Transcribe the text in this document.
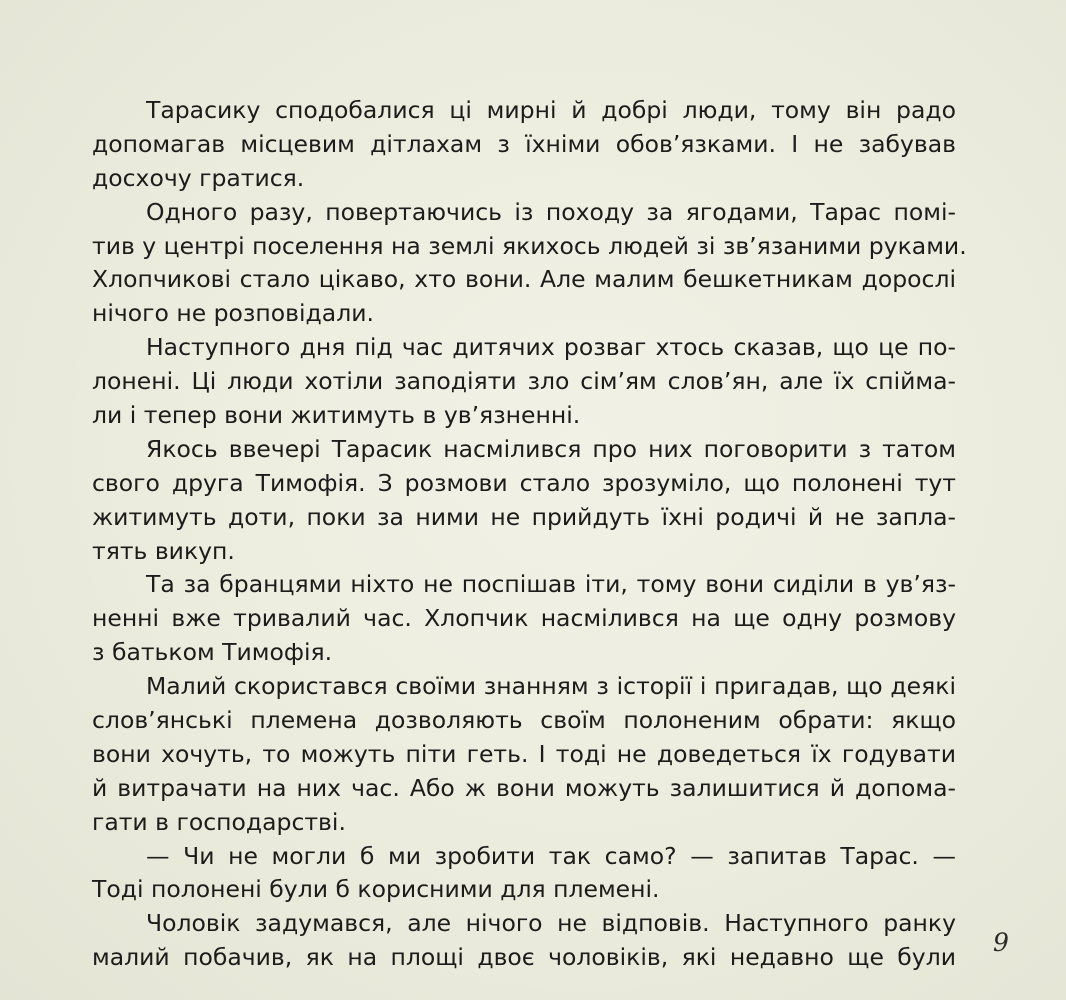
Тарасику сподобалися ці мирні й добрі люди, тому він радо
допомагав місцевим дітлахам з їхніми обов’язками. І не забував
досхочу гратися.
Одного разу, повертаючись із походу за ягодами, Тарас помі-
тив у центрі поселення на землі якихось людей зі зв’язаними руками.
Хлопчикові стало цікаво, хто вони. Але малим бешкетникам дорослі
нічого не розповідали.
Наступного дня під час дитячих розваг хтось сказав, що це по-
лонені. Ці люди хотіли заподіяти зло сім’ям слов’ян, але їх спійма-
ли і тепер вони житимуть в ув’язненні.
Якось ввечері Тарасик насмілився про них поговорити з татом
свого друга Тимофія. З розмови стало зрозуміло, що полонені тут
житимуть доти, поки за ними не прийдуть їхні родичі й не запла-
тять викуп.
Та за бранцями ніхто не поспішав іти, тому вони сиділи в ув’яз-
ненні вже тривалий час. Хлопчик насмілився на ще одну розмову
з батьком Тимофія.
Малий скористався своїми знанням з історії і пригадав, що деякі
слов’янські племена дозволяють своїм полоненим обрати: якщо
вони хочуть, то можуть піти геть. І тоді не доведеться їх годувати
й витрачати на них час. Або ж вони можуть залишитися й допома-
гати в господарстві.
— Чи не могли б ми зробити так само? — запитав Тарас. —
Тоді полонені були б корисними для племені.
Чоловік задумався, але нічого не відповів. Наступного ранку
малий побачив, як на площі двоє чоловіків, які недавно ще були
9
